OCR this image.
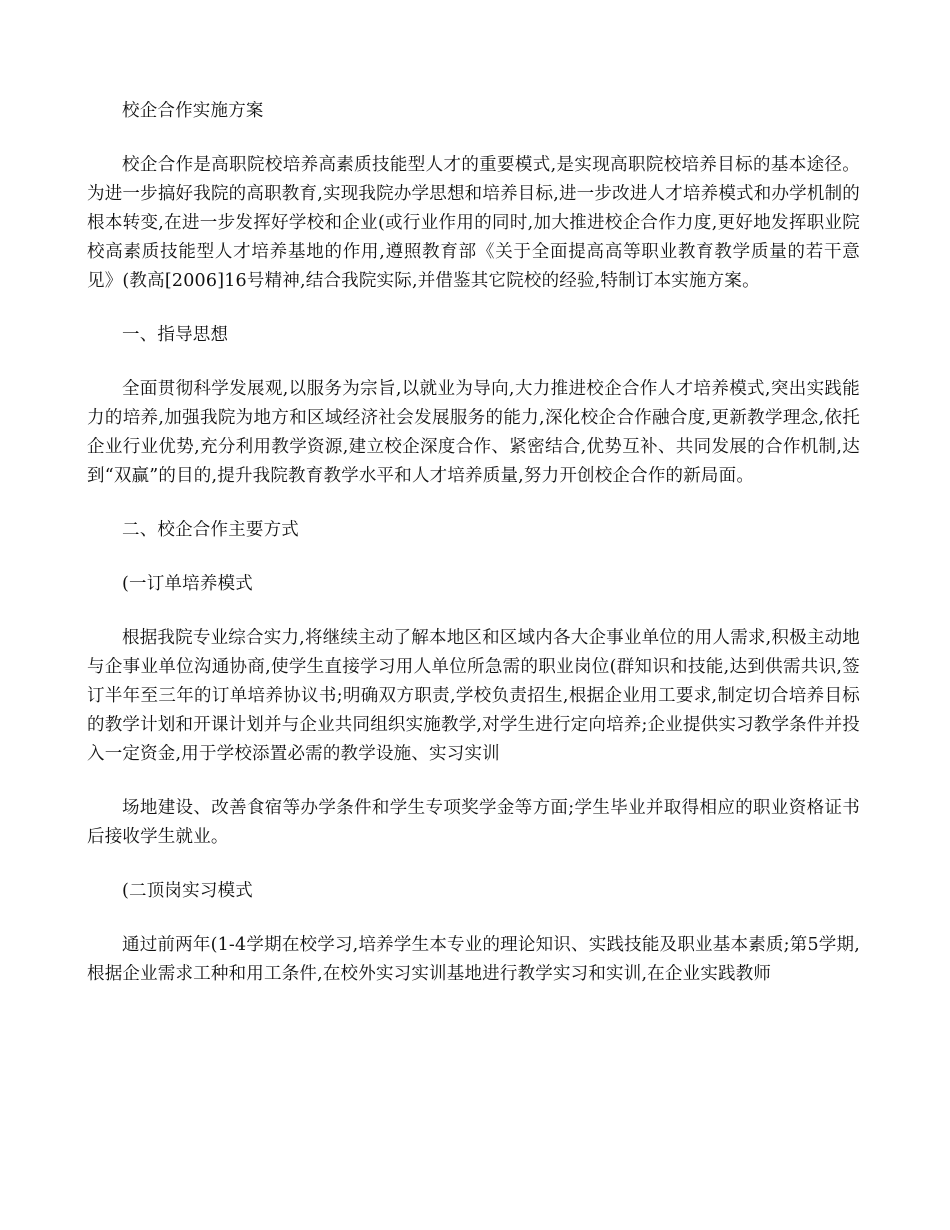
校企合作实施方案

校企合作是高职院校培养高素质技能型人才的重要模式,是实现高职院校培养目标的基本途径。为进一步搞好我院的高职教育,实现我院办学思想和培养目标,进一步改进人才培养模式和办学机制的根本转变,在进一步发挥好学校和企业(或行业作用的同时,加大推进校企合作力度,更好地发挥职业院校高素质技能型人才培养基地的作用,遵照教育部《关于全面提高高等职业教育教学质量的若干意见》(教高[2006]16号精神,结合我院实际,并借鉴其它院校的经验,特制订本实施方案。

一、指导思想

全面贯彻科学发展观,以服务为宗旨,以就业为导向,大力推进校企合作人才培养模式,突出实践能力的培养,加强我院为地方和区域经济社会发展服务的能力,深化校企合作融合度,更新教学理念,依托企业行业优势,充分利用教学资源,建立校企深度合作、紧密结合,优势互补、共同发展的合作机制,达到“双赢”的目的,提升我院教育教学水平和人才培养质量,努力开创校企合作的新局面。

二、校企合作主要方式

(一订单培养模式

根据我院专业综合实力,将继续主动了解本地区和区域内各大企事业单位的用人需求,积极主动地与企事业单位沟通协商,使学生直接学习用人单位所急需的职业岗位(群知识和技能,达到供需共识,签订半年至三年的订单培养协议书;明确双方职责,学校负责招生,根据企业用工要求,制定切合培养目标的教学计划和开课计划并与企业共同组织实施教学,对学生进行定向培养;企业提供实习教学条件并投入一定资金,用于学校添置必需的教学设施、实习实训

场地建设、改善食宿等办学条件和学生专项奖学金等方面;学生毕业并取得相应的职业资格证书后接收学生就业。

(二顶岗实习模式

通过前两年(1-4学期在校学习,培养学生本专业的理论知识、实践技能及职业基本素质;第5学期,根据企业需求工种和用工条件,在校外实习实训基地进行教学实习和实训,在企业实践教师
